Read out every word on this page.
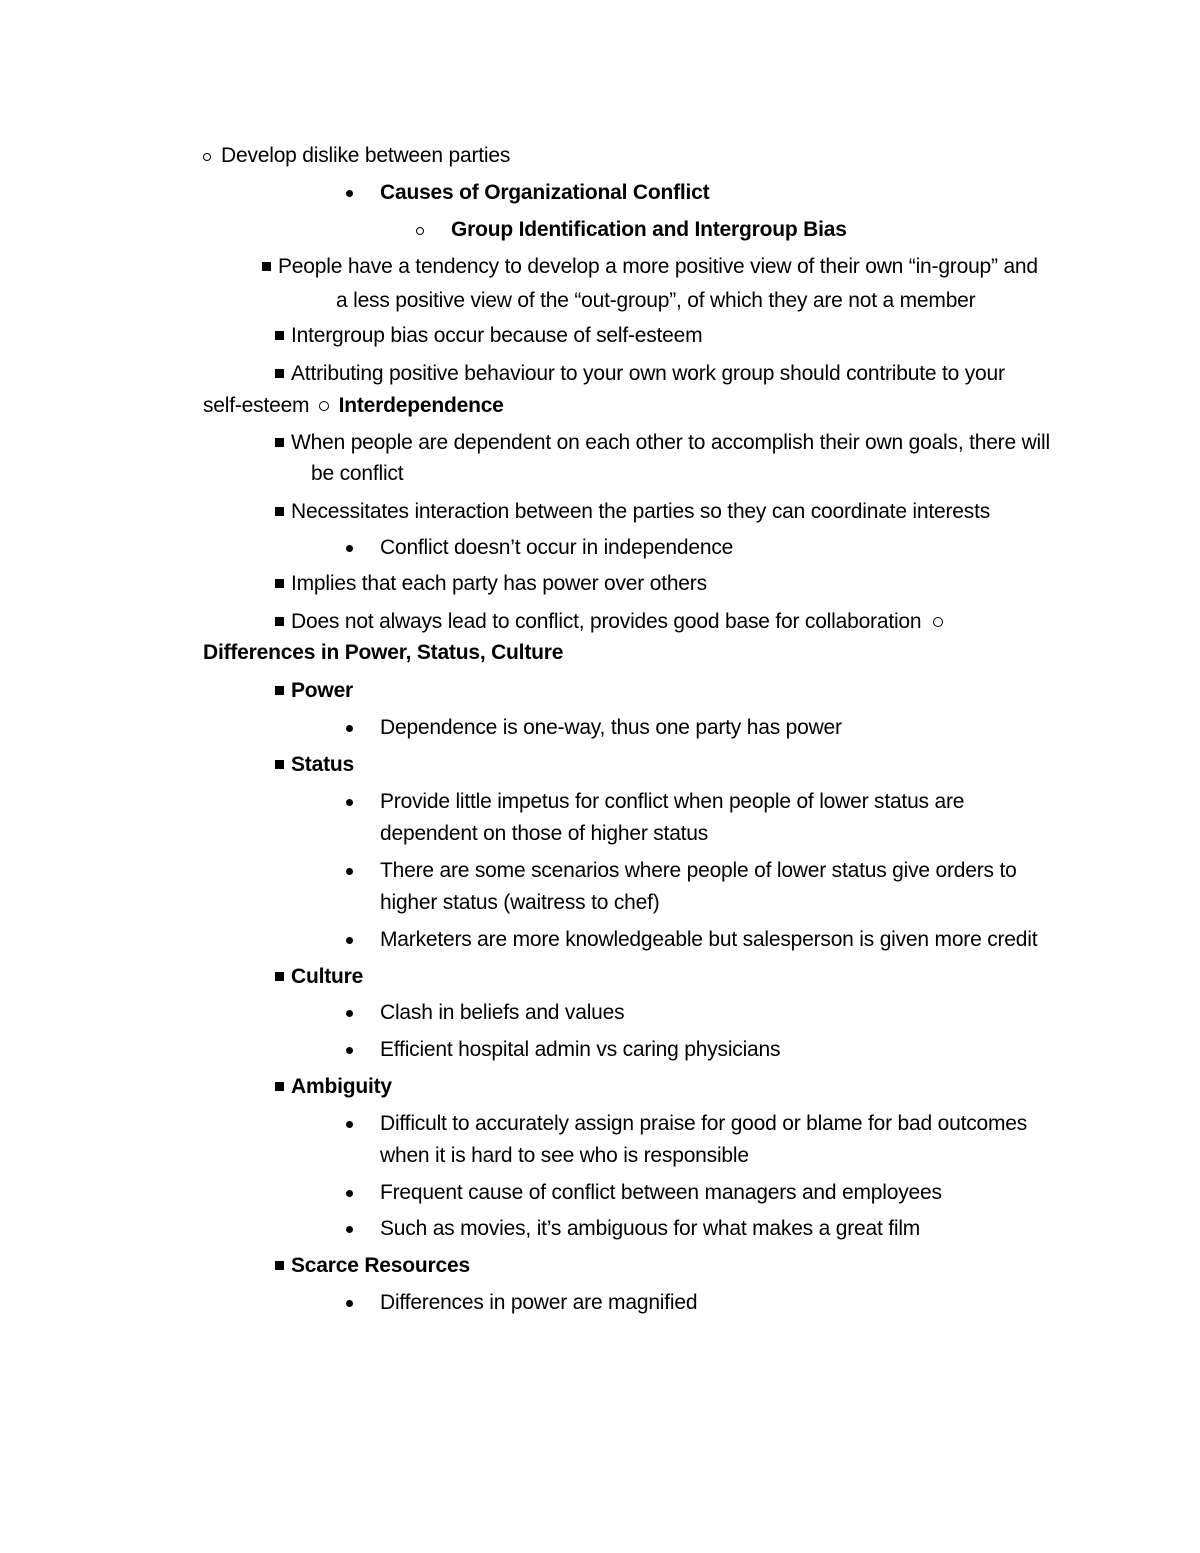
Develop dislike between parties
Causes of Organizational Conflict
Group Identification and Intergroup Bias
People have a tendency to develop a more positive view of their own “in-group” and
a less positive view of the “out-group”, of which they are not a member
Intergroup bias occur because of self-esteem
Attributing positive behaviour to your own work group should contribute to your
self-esteem Interdependence
When people are dependent on each other to accomplish their own goals, there will
be conflict
Necessitates interaction between the parties so they can coordinate interests
Conflict doesn’t occur in independence
Implies that each party has power over others
Does not always lead to conflict, provides good base for collaboration
Differences in Power, Status, Culture
Power
Dependence is one-way, thus one party has power
Status
Provide little impetus for conflict when people of lower status are
dependent on those of higher status
There are some scenarios where people of lower status give orders to
higher status (waitress to chef)
Marketers are more knowledgeable but salesperson is given more credit
Culture
Clash in beliefs and values
Efficient hospital admin vs caring physicians
Ambiguity
Difficult to accurately assign praise for good or blame for bad outcomes
when it is hard to see who is responsible
Frequent cause of conflict between managers and employees
Such as movies, it’s ambiguous for what makes a great film
Scarce Resources
Differences in power are magnified
